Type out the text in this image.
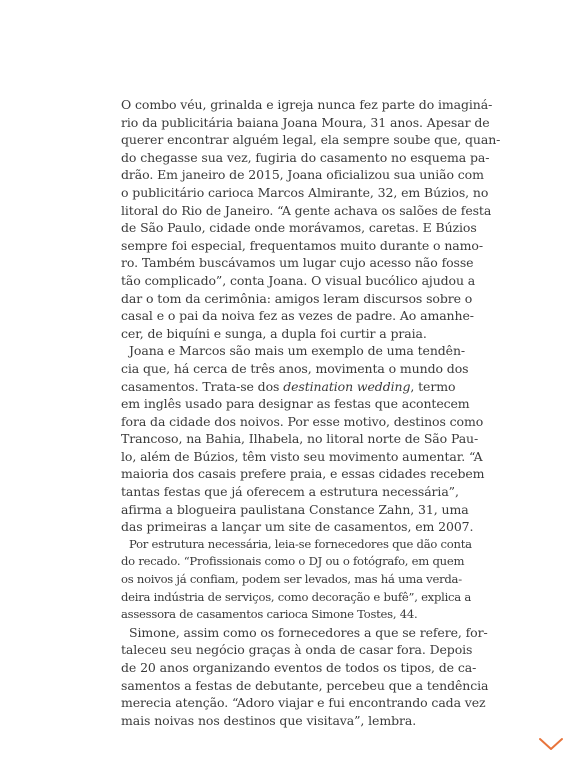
O combo véu, grinalda e igreja nunca fez parte do imaginá-
rio da publicitária baiana Joana Moura, 31 anos. Apesar de
querer encontrar alguém legal, ela sempre soube que, quan-
do chegasse sua vez, fugiria do casamento no esquema pa-
drão. Em janeiro de 2015, Joana oficializou sua união com
o publicitário carioca Marcos Almirante, 32, em Búzios, no
litoral do Rio de Janeiro. “A gente achava os salões de festa
de São Paulo, cidade onde morávamos, caretas. E Búzios
sempre foi especial, frequentamos muito durante o namo-
ro. Também buscávamos um lugar cujo acesso não fosse
tão complicado”, conta Joana. O visual bucólico ajudou a
dar o tom da cerimônia: amigos leram discursos sobre o
casal e o pai da noiva fez as vezes de padre. Ao amanhe-
cer, de biquíni e sunga, a dupla foi curtir a praia.

Joana e Marcos são mais um exemplo de uma tendên-
cia que, há cerca de três anos, movimenta o mundo dos
casamentos. Trata-se dos destination wedding, termo
em inglês usado para designar as festas que acontecem
fora da cidade dos noivos. Por esse motivo, destinos como
Trancoso, na Bahia, Ilhabela, no litoral norte de São Pau-
lo, além de Búzios, têm visto seu movimento aumentar. “A
maioria dos casais prefere praia, e essas cidades recebem
tantas festas que já oferecem a estrutura necessária”,
afirma a blogueira paulistana Constance Zahn, 31, uma
das primeiras a lançar um site de casamentos, em 2007.

Por estrutura necessária, leia-se fornecedores que dão conta
do recado. “Profissionais como o DJ ou o fotógrafo, em quem
os noivos já confiam, podem ser levados, mas há uma verda-
deira indústria de serviços, como decoração e bufê”, explica a
assessora de casamentos carioca Simone Tostes, 44.

Simone, assim como os fornecedores a que se refere, for-
taleceu seu negócio graças à onda de casar fora. Depois
de 20 anos organizando eventos de todos os tipos, de ca-
samentos a festas de debutante, percebeu que a tendência
merecia atenção. “Adoro viajar e fui encontrando cada vez
mais noivas nos destinos que visitava”, lembra.
